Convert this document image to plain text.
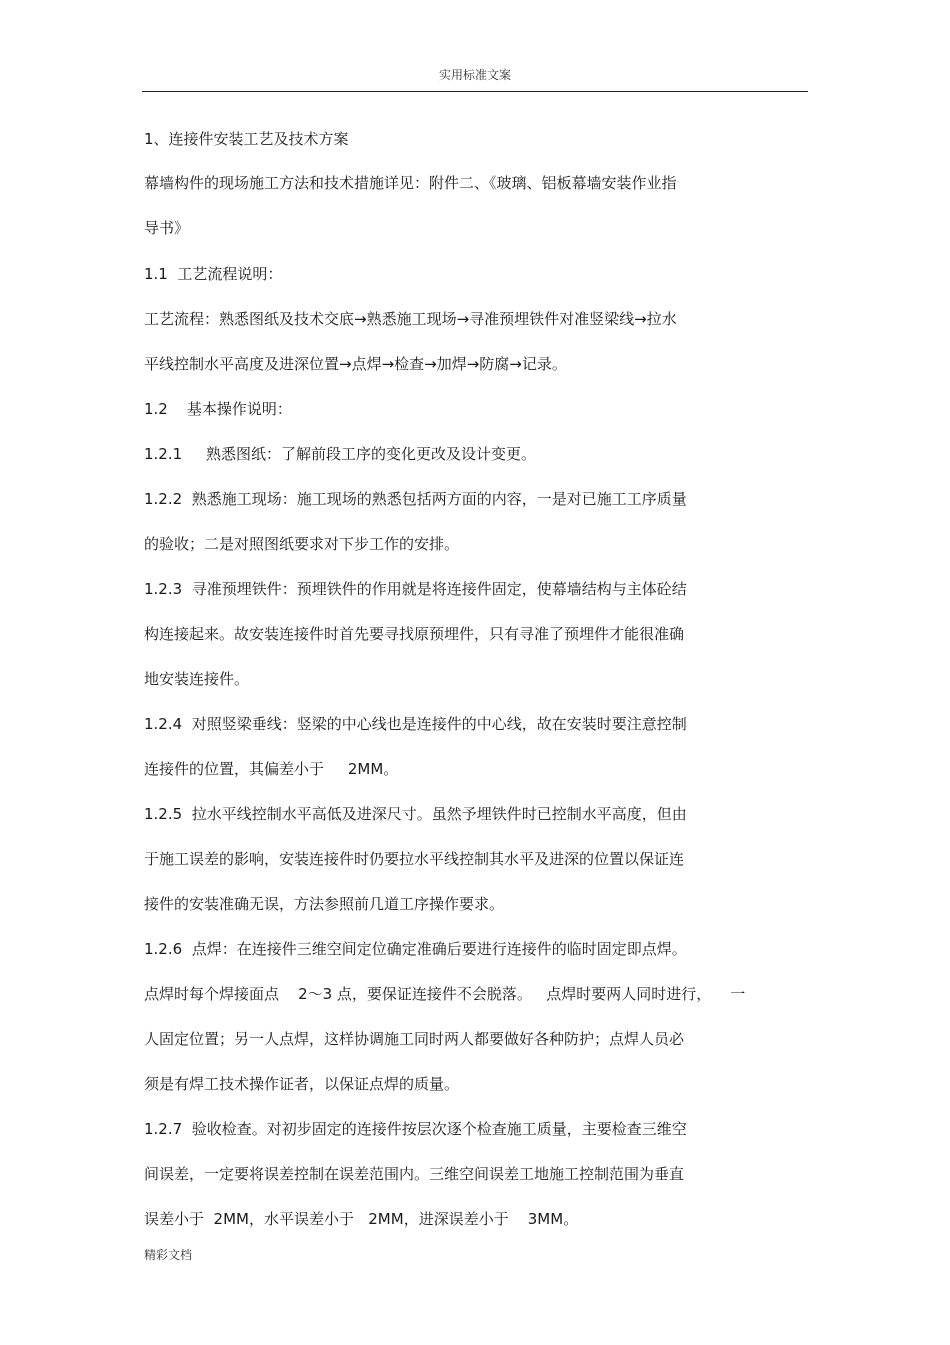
实用标准文案
1、连接件安装工艺及技术方案
幕墙构件的现场施工方法和技术措施详见：附件二、《玻璃、铝板幕墙安装作业指
导书》
1.1  工艺流程说明：
工艺流程：熟悉图纸及技术交底→熟悉施工现场→寻准预埋铁件对准竖梁线→拉水
平线控制水平高度及进深位置→点焊→检查→加焊→防腐→记录。
1.2    基本操作说明：
1.2.1     熟悉图纸：了解前段工序的变化更改及设计变更。
1.2.2  熟悉施工现场：施工现场的熟悉包括两方面的内容，一是对已施工工序质量
的验收；二是对照图纸要求对下步工作的安排。
1.2.3  寻准预埋铁件：预埋铁件的作用就是将连接件固定，使幕墙结构与主体砼结
构连接起来。故安装连接件时首先要寻找原预埋件，只有寻准了预埋件才能很准确
地安装连接件。
1.2.4  对照竖梁垂线：竖梁的中心线也是连接件的中心线，故在安装时要注意控制
连接件的位置，其偏差小于     2MM。
1.2.5  拉水平线控制水平高低及进深尺寸。虽然予埋铁件时已控制水平高度，但由
于施工误差的影响，安装连接件时仍要拉水平线控制其水平及进深的位置以保证连
接件的安装准确无误，方法参照前几道工序操作要求。
1.2.6  点焊：在连接件三维空间定位确定准确后要进行连接件的临时固定即点焊。
点焊时每个焊接面点    2～3 点，要保证连接件不会脱落。   点焊时要两人同时进行，    一
人固定位置；另一人点焊，这样协调施工同时两人都要做好各种防护；点焊人员必
须是有焊工技术操作证者，以保证点焊的质量。
1.2.7  验收检查。对初步固定的连接件按层次逐个检查施工质量，主要检查三维空
间误差，一定要将误差控制在误差范围内。三维空间误差工地施工控制范围为垂直
误差小于  2MM，水平误差小于   2MM，进深误差小于    3MM。
精彩文档
